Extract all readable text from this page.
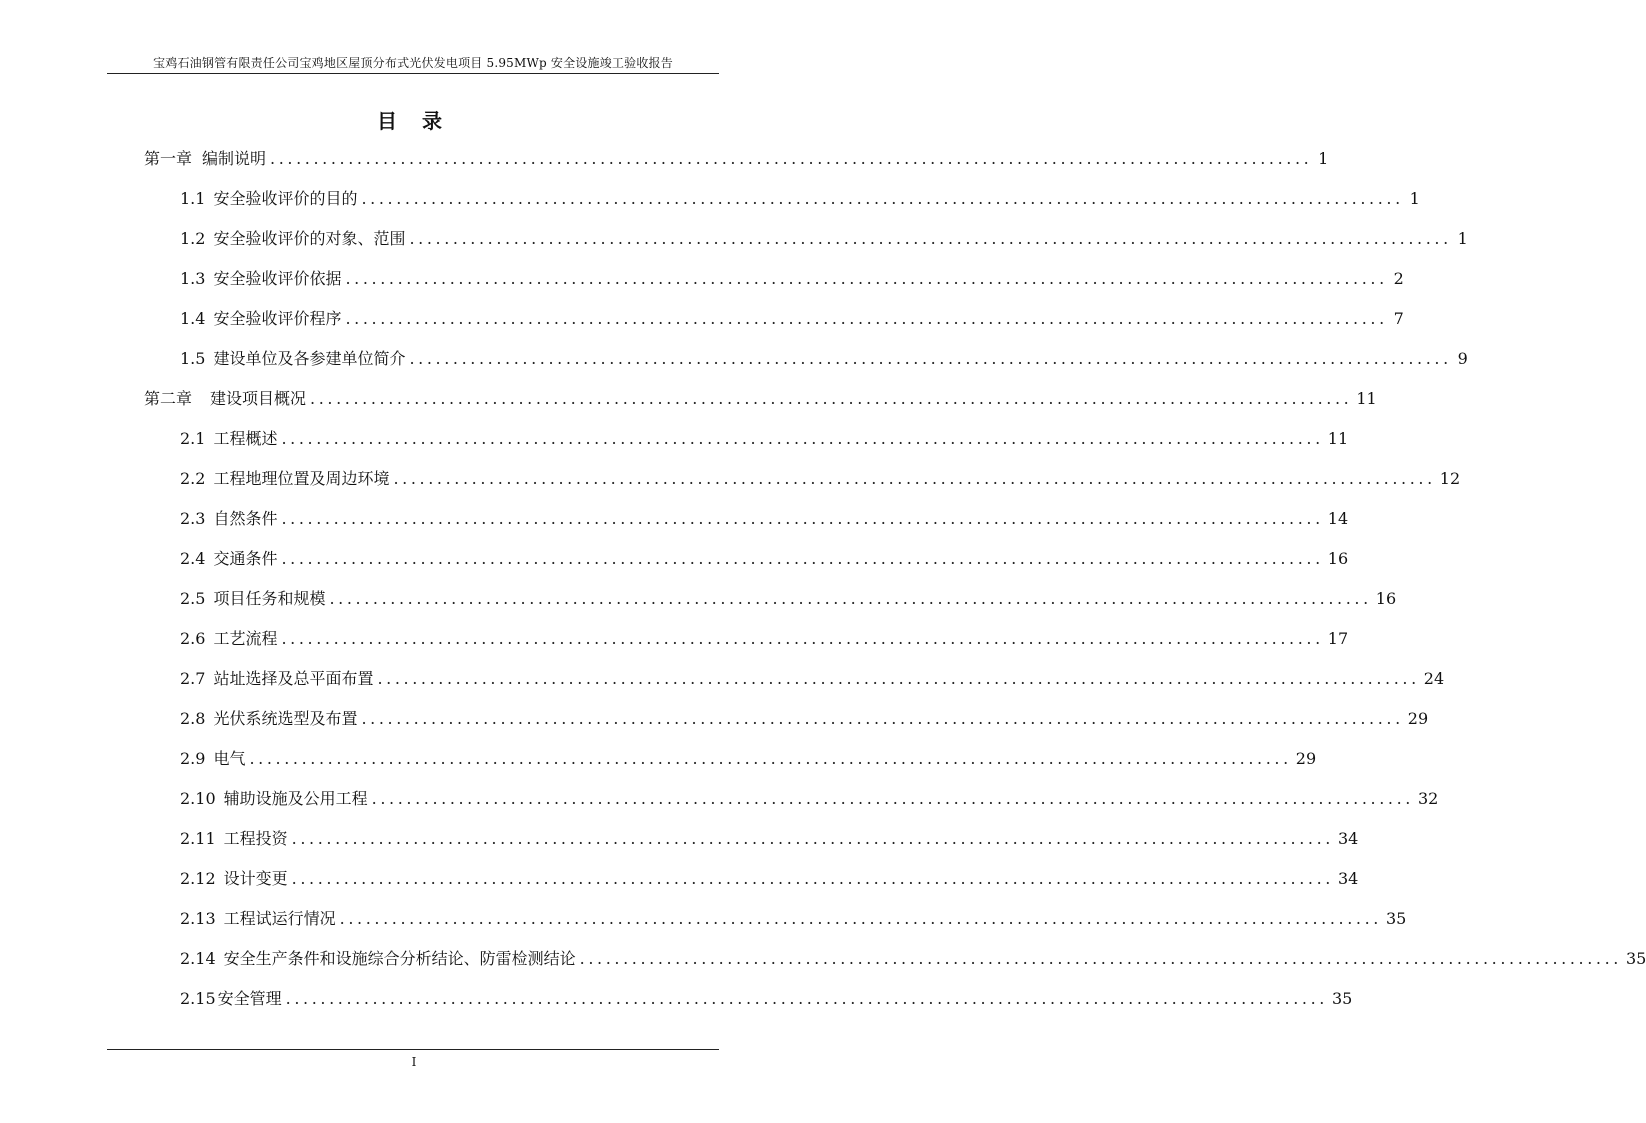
宝鸡石油钢管有限责任公司宝鸡地区屋顶分布式光伏发电项目 5.95MWp 安全设施竣工验收报告
目 录
第一章 编制说明 ........................................................................................................................ 1
1.1 安全验收评价的目的 ........................................................................................................................ 1
1.2 安全验收评价的对象、范围 ........................................................................................................................ 1
1.3 安全验收评价依据 ........................................................................................................................ 2
1.4 安全验收评价程序 ........................................................................................................................ 7
1.5 建设单位及各参建单位简介 ........................................................................................................................ 9
第二章 建设项目概况 ........................................................................................................................ 11
2.1 工程概述 ........................................................................................................................ 11
2.2 工程地理位置及周边环境 ........................................................................................................................ 12
2.3 自然条件 ........................................................................................................................ 14
2.4 交通条件 ........................................................................................................................ 16
2.5 项目任务和规模 ........................................................................................................................ 16
2.6 工艺流程 ........................................................................................................................ 17
2.7 站址选择及总平面布置 ........................................................................................................................ 24
2.8 光伏系统选型及布置 ........................................................................................................................ 29
2.9 电气 ........................................................................................................................ 29
2.10 辅助设施及公用工程 ........................................................................................................................ 32
2.11 工程投资 ........................................................................................................................ 34
2.12 设计变更 ........................................................................................................................ 34
2.13 工程试运行情况 ........................................................................................................................ 35
2.14 安全生产条件和设施综合分析结论、防雷检测结论 ........................................................................................................................ 35
2.15 安全管理 ........................................................................................................................ 35
I
